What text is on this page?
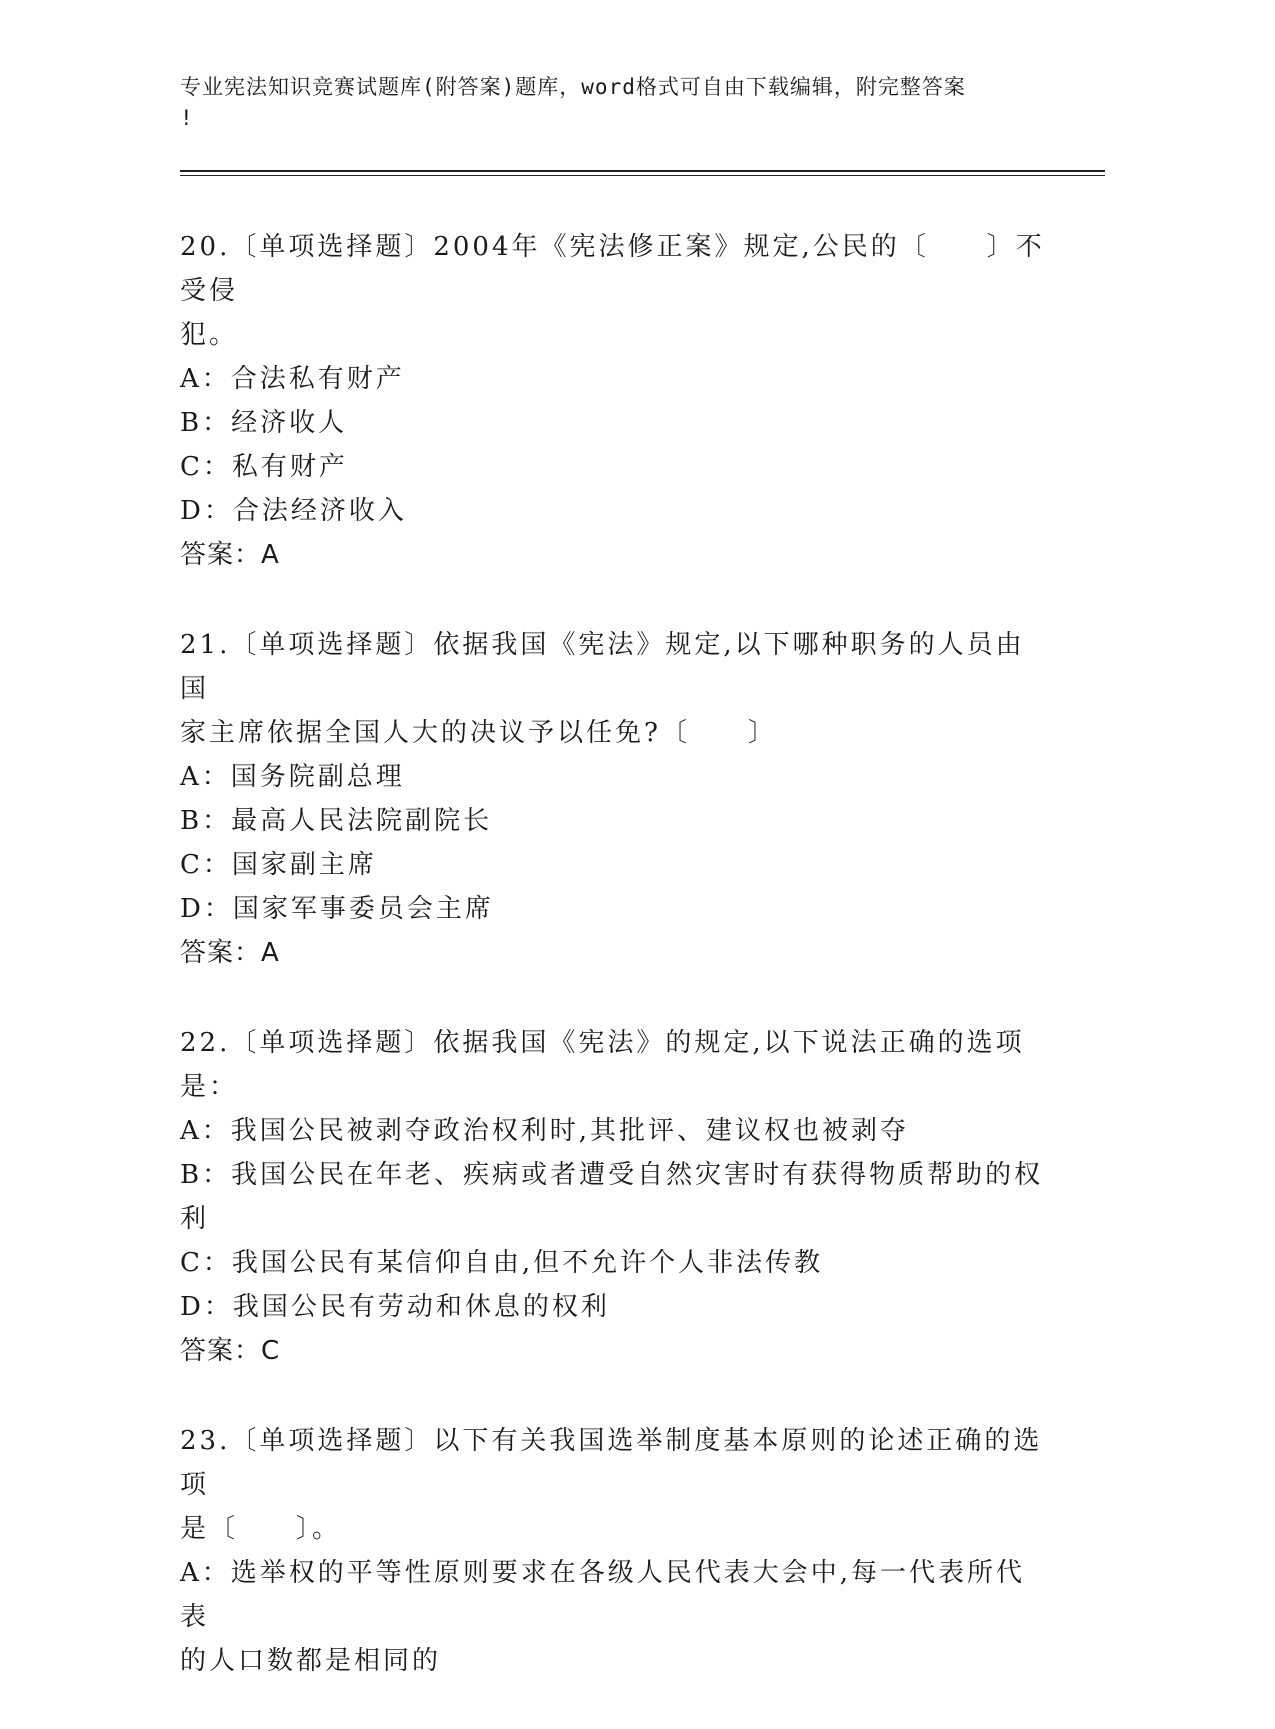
专业宪法知识竞赛试题库(附答案)题库，word格式可自由下载编辑，附完整答案
!

20.〔单项选择题〕2004年《宪法修正案》规定,公民的〔　　〕不受侵

犯。

A：合法私有财产

B：经济收人

C：私有财产

D：合法经济收入

答案：A

21.〔单项选择题〕依据我国《宪法》规定,以下哪种职务的人员由国

家主席依据全国人大的决议予以任免?〔　　〕

A：国务院副总理

B：最高人民法院副院长

C：国家副主席

D：国家军事委员会主席

答案：A

22.〔单项选择题〕依据我国《宪法》的规定,以下说法正确的选项是：

A：我国公民被剥夺政治权利时,其批评、建议权也被剥夺

B：我国公民在年老、疾病或者遭受自然灾害时有获得物质帮助的权利

C：我国公民有某信仰自由,但不允许个人非法传教

D：我国公民有劳动和休息的权利

答案：C

23.〔单项选择题〕以下有关我国选举制度基本原则的论述正确的选项

是〔　　〕。

A：选举权的平等性原则要求在各级人民代表大会中,每一代表所代表

的人口数都是相同的
